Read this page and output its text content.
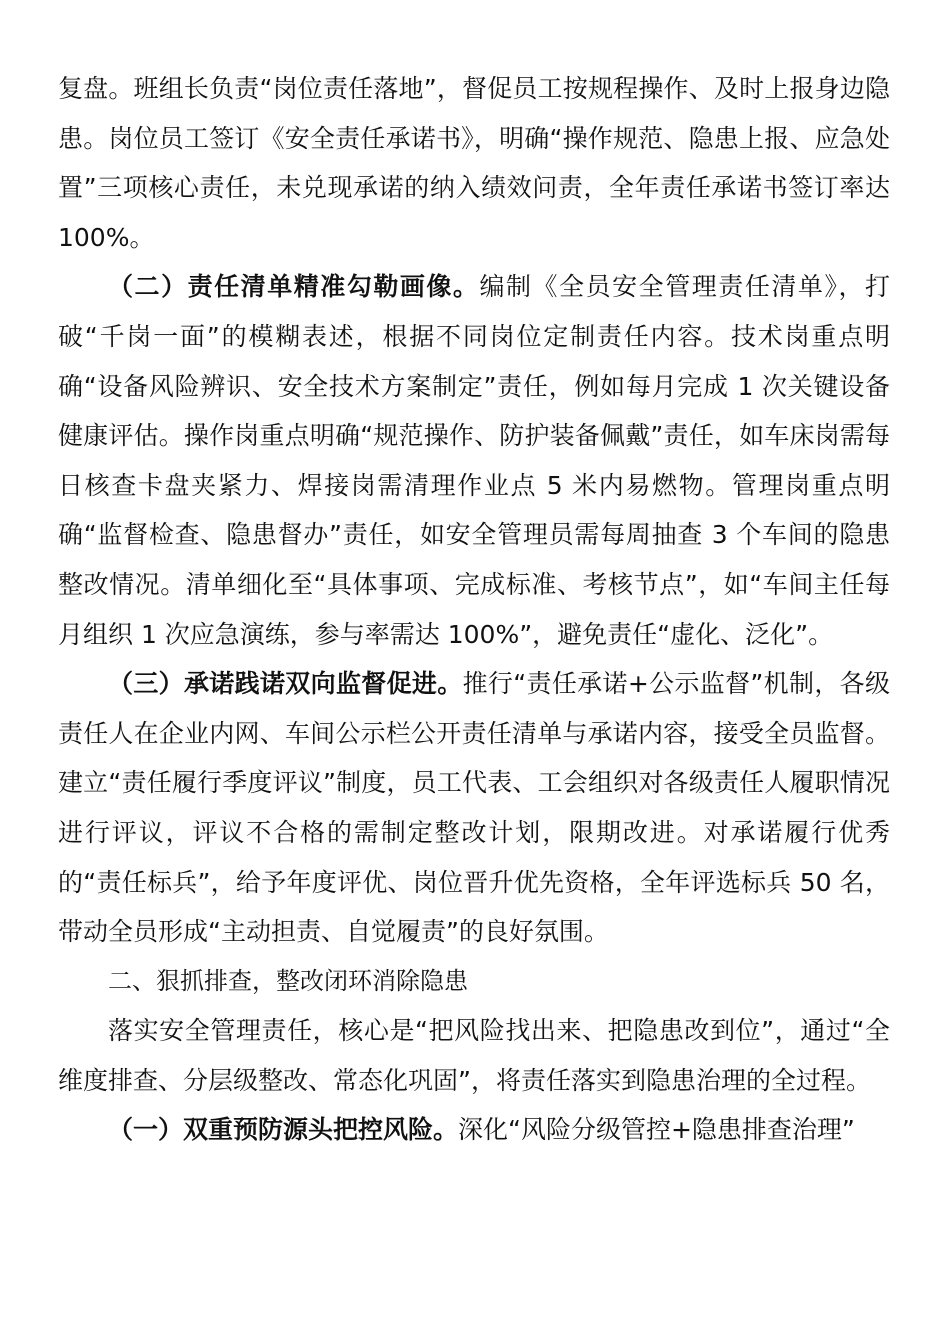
复盘。班组长负责“岗位责任落地”，督促员工按规程操作、及时上报身边隐患。岗位员工签订《安全责任承诺书》，明确“操作规范、隐患上报、应急处置”三项核心责任，未兑现承诺的纳入绩效问责，全年责任承诺书签订率达 100%。

（二）责任清单精准勾勒画像。编制《全员安全管理责任清单》，打破“千岗一面”的模糊表述，根据不同岗位定制责任内容。技术岗重点明确“设备风险辨识、安全技术方案制定”责任，例如每月完成 1 次关键设备健康评估。操作岗重点明确“规范操作、防护装备佩戴”责任，如车床岗需每日核查卡盘夹紧力、焊接岗需清理作业点 5 米内易燃物。管理岗重点明确“监督检查、隐患督办”责任，如安全管理员需每周抽查 3 个车间的隐患整改情况。清单细化至“具体事项、完成标准、考核节点”，如“车间主任每月组织 1 次应急演练，参与率需达 100%”，避免责任“虚化、泛化”。

（三）承诺践诺双向监督促进。推行“责任承诺+公示监督”机制，各级责任人在企业内网、车间公示栏公开责任清单与承诺内容，接受全员监督。建立“责任履行季度评议”制度，员工代表、工会组织对各级责任人履职情况进行评议，评议不合格的需制定整改计划，限期改进。对承诺履行优秀的“责任标兵”，给予年度评优、岗位晋升优先资格，全年评选标兵 50 名，带动全员形成“主动担责、自觉履责”的良好氛围。

二、狠抓排查，整改闭环消除隐患

落实安全管理责任，核心是“把风险找出来、把隐患改到位”，通过“全维度排查、分层级整改、常态化巩固”，将责任落实到隐患治理的全过程。

（一）双重预防源头把控风险。深化“风险分级管控+隐患排查治理”
